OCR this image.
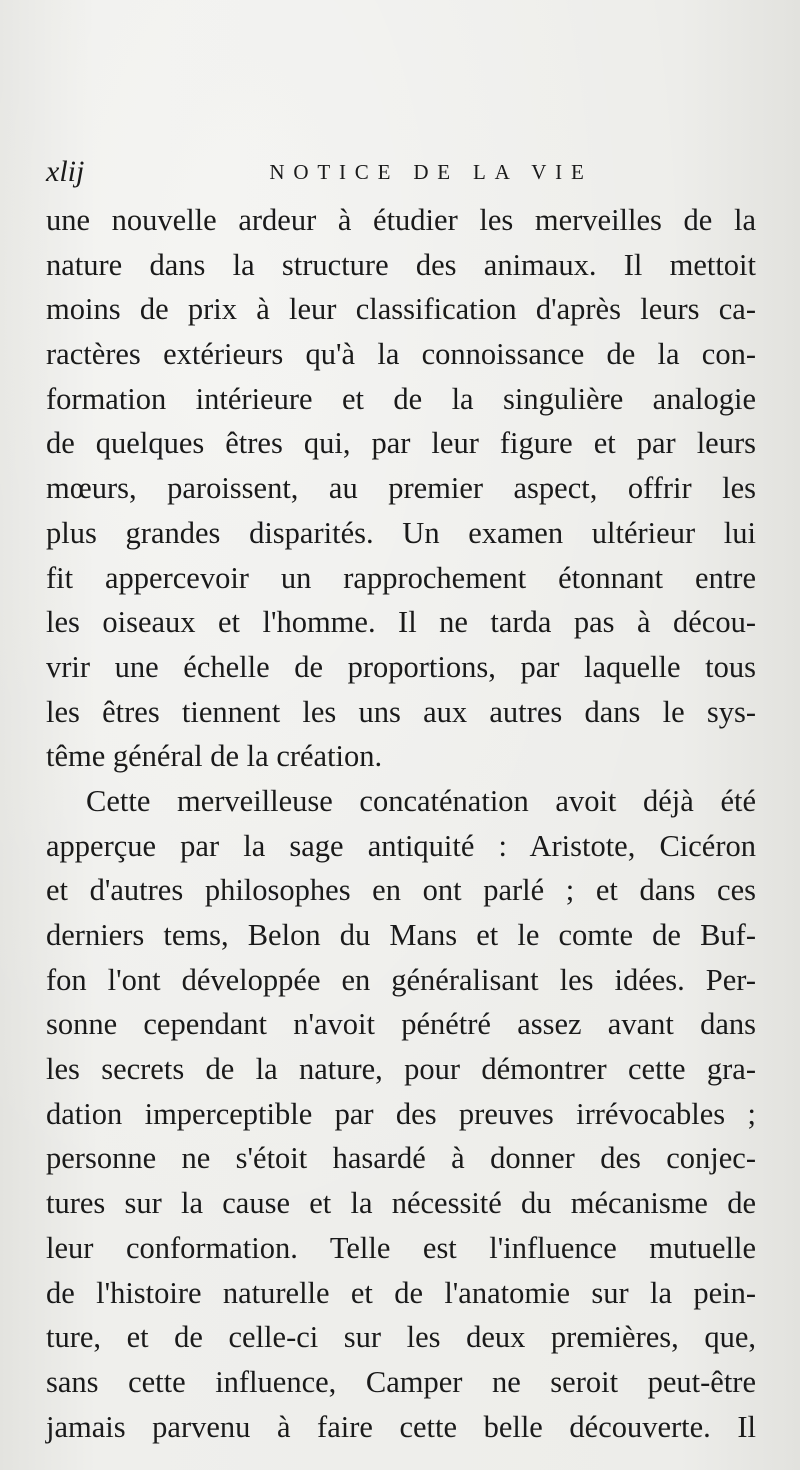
xlij	NOTICE DE LA VIE
une nouvelle ardeur à étudier les merveilles de la
nature dans la structure des animaux. Il mettoit
moins de prix à leur classification d'après leurs ca-
ractères extérieurs qu'à la connoissance de la con-
formation intérieure et de la singulière analogie
de quelques êtres qui, par leur figure et par leurs
mœurs, paroissent, au premier aspect, offrir les
plus grandes disparités. Un examen ultérieur lui
fit appercevoir un rapprochement étonnant entre
les oiseaux et l'homme. Il ne tarda pas à décou-
vrir une échelle de proportions, par laquelle tous
les êtres tiennent les uns aux autres dans le sys-
tême général de la création.
Cette merveilleuse concaténation avoit déjà été
apperçue par la sage antiquité : Aristote, Cicéron
et d'autres philosophes en ont parlé ; et dans ces
derniers tems, Belon du Mans et le comte de Buf-
fon l'ont développée en généralisant les idées. Per-
sonne cependant n'avoit pénétré assez avant dans
les secrets de la nature, pour démontrer cette gra-
dation imperceptible par des preuves irrévocables ;
personne ne s'étoit hasardé à donner des conjec-
tures sur la cause et la nécessité du mécanisme de
leur conformation. Telle est l'influence mutuelle
de l'histoire naturelle et de l'anatomie sur la pein-
ture, et de celle-ci sur les deux premières, que,
sans cette influence, Camper ne seroit peut-être
jamais parvenu à faire cette belle découverte. Il
